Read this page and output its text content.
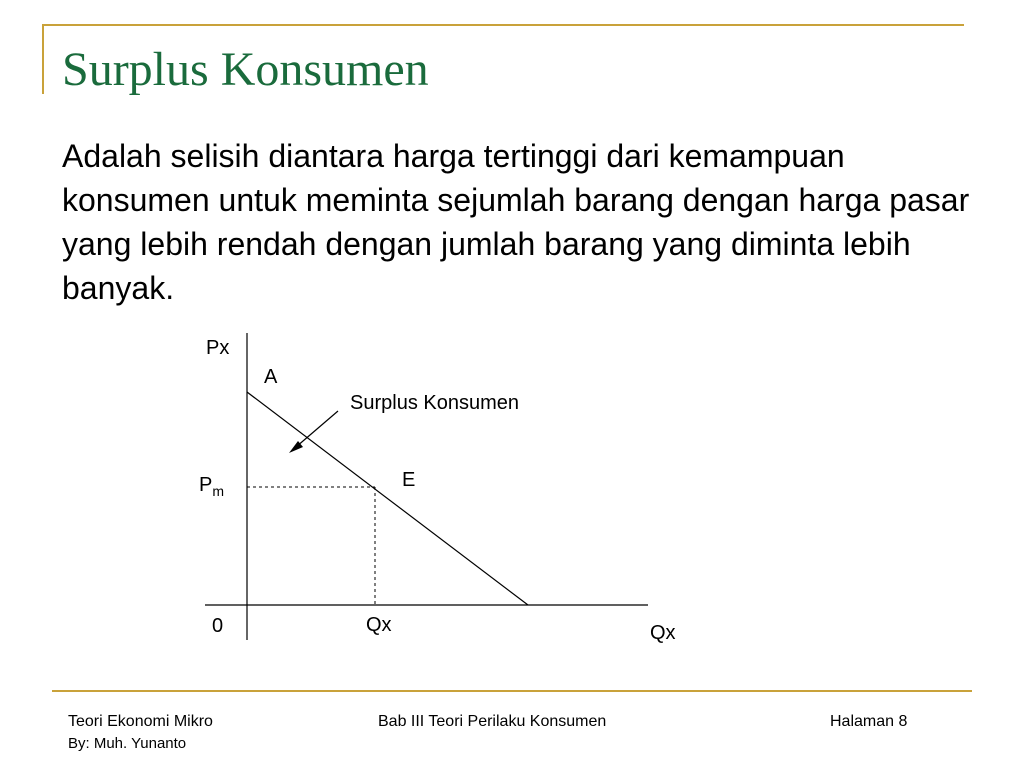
Surplus Konsumen

Adalah selisih diantara harga tertinggi dari kemampuan konsumen untuk meminta sejumlah barang dengan harga pasar yang lebih rendah dengan jumlah barang yang diminta lebih banyak.

Px
A
Surplus Konsumen
E
$P_m$
0	Qx	Qx
Teori Ekonomi Mikro
By: Muh. Yunanto
Bab III Teori Perilaku Konsumen	Halaman 8
